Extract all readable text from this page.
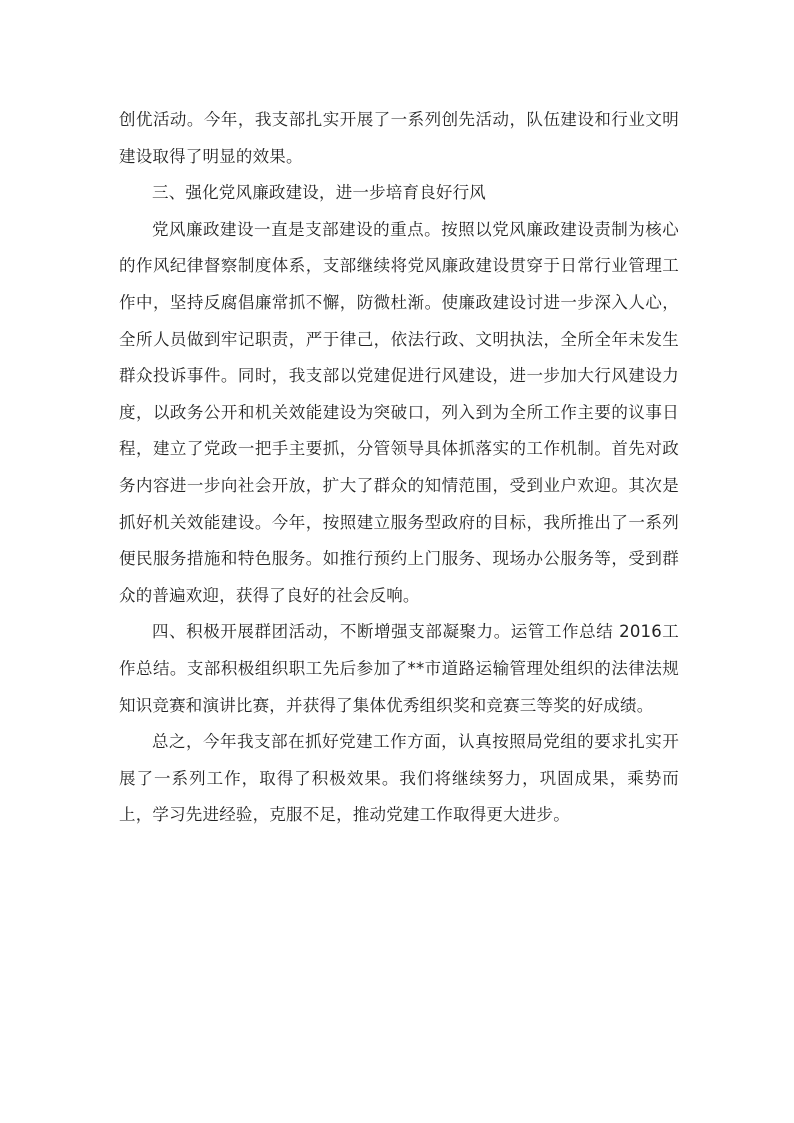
创优活动。今年，我支部扎实开展了一系列创先活动，队伍建设和行业文明建设取得了明显的效果。

三、强化党风廉政建设，进一步培育良好行风

党风廉政建设一直是支部建设的重点。按照以党风廉政建设责制为核心的作风纪律督察制度体系，支部继续将党风廉政建设贯穿于日常行业管理工作中，坚持反腐倡廉常抓不懈，防微杜渐。使廉政建设讨进一步深入人心，全所人员做到牢记职责，严于律己，依法行政、文明执法，全所全年未发生群众投诉事件。同时，我支部以党建促进行风建设，进一步加大行风建设力度，以政务公开和机关效能建设为突破口，列入到为全所工作主要的议事日程，建立了党政一把手主要抓，分管领导具体抓落实的工作机制。首先对政务内容进一步向社会开放，扩大了群众的知情范围，受到业户欢迎。其次是抓好机关效能建设。今年，按照建立服务型政府的目标，我所推出了一系列便民服务措施和特色服务。如推行预约上门服务、现场办公服务等，受到群众的普遍欢迎，获得了良好的社会反响。

四、积极开展群团活动，不断增强支部凝聚力。运管工作总结 2016工作总结。支部积极组织职工先后参加了**市道路运输管理处组织的法律法规知识竞赛和演讲比赛，并获得了集体优秀组织奖和竞赛三等奖的好成绩。

总之，今年我支部在抓好党建工作方面，认真按照局党组的要求扎实开展了一系列工作，取得了积极效果。我们将继续努力，巩固成果，乘势而上，学习先进经验，克服不足，推动党建工作取得更大进步。
